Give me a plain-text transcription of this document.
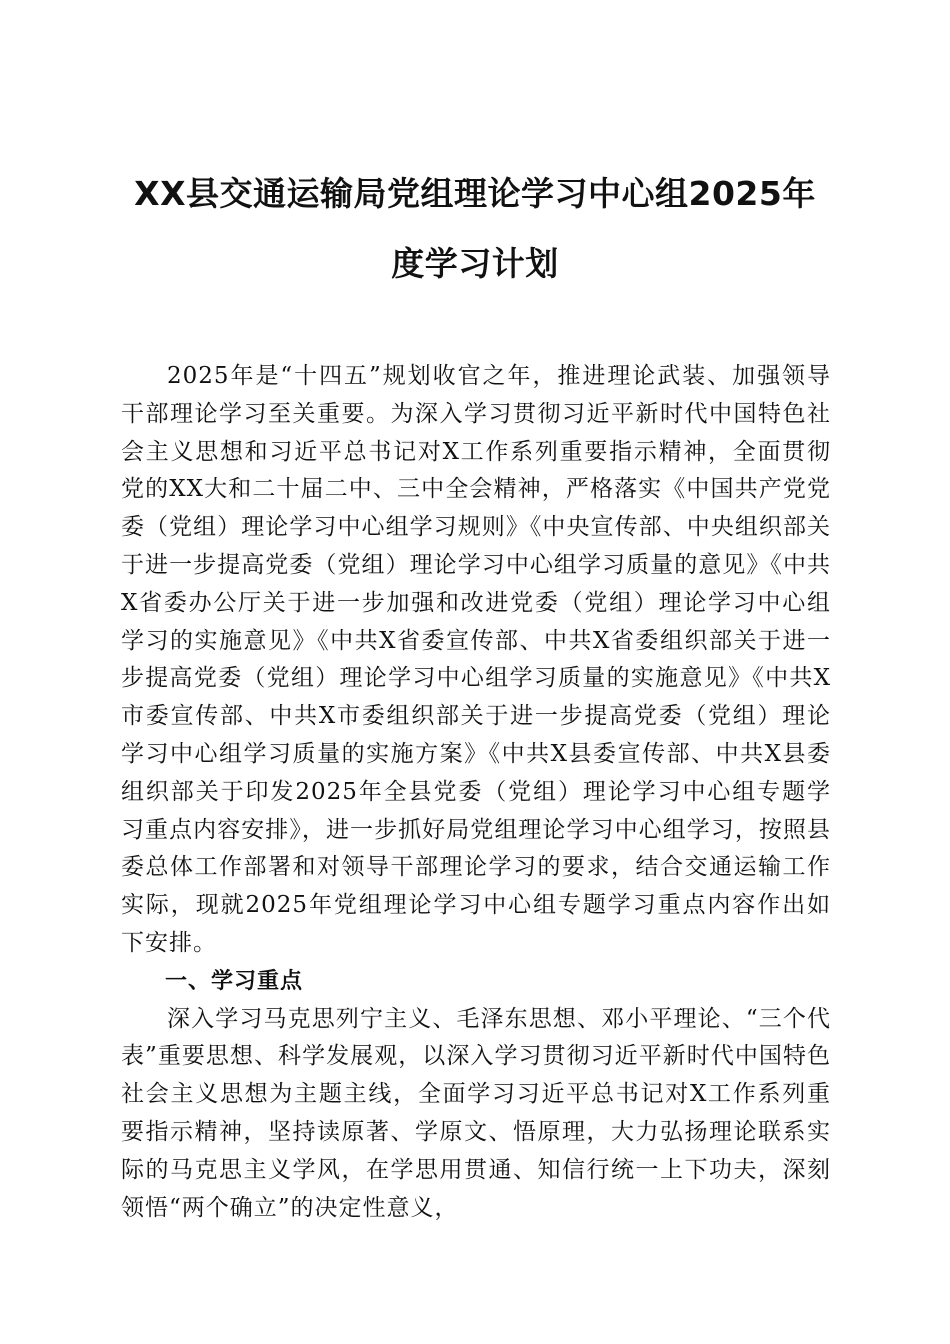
XX县交通运输局党组理论学习中心组2025年
度学习计划

2025年是“十四五”规划收官之年，推进理论武装、加强领导干部理论学习至关重要。为深入学习贯彻习近平新时代中国特色社会主义思想和习近平总书记对X工作系列重要指示精神，全面贯彻党的XX大和二十届二中、三中全会精神，严格落实《中国共产党党委（党组）理论学习中心组学习规则》《中央宣传部、中央组织部关于进一步提高党委（党组）理论学习中心组学习质量的意见》《中共X省委办公厅关于进一步加强和改进党委（党组）理论学习中心组学习的实施意见》《中共X省委宣传部、中共X省委组织部关于进一步提高党委（党组）理论学习中心组学习质量的实施意见》《中共X市委宣传部、中共X市委组织部关于进一步提高党委（党组）理论学习中心组学习质量的实施方案》《中共X县委宣传部、中共X县委组织部关于印发2025年全县党委（党组）理论学习中心组专题学习重点内容安排》，进一步抓好局党组理论学习中心组学习，按照县委总体工作部署和对领导干部理论学习的要求，结合交通运输工作实际，现就2025年党组理论学习中心组专题学习重点内容作出如下安排。

一、学习重点

深入学习马克思列宁主义、毛泽东思想、邓小平理论、“三个代表”重要思想、科学发展观，以深入学习贯彻习近平新时代中国特色社会主义思想为主题主线，全面学习习近平总书记对X工作系列重要指示精神，坚持读原著、学原文、悟原理，大力弘扬理论联系实际的马克思主义学风，在学思用贯通、知信行统一上下功夫，深刻领悟“两个确立”的决定性意义，
